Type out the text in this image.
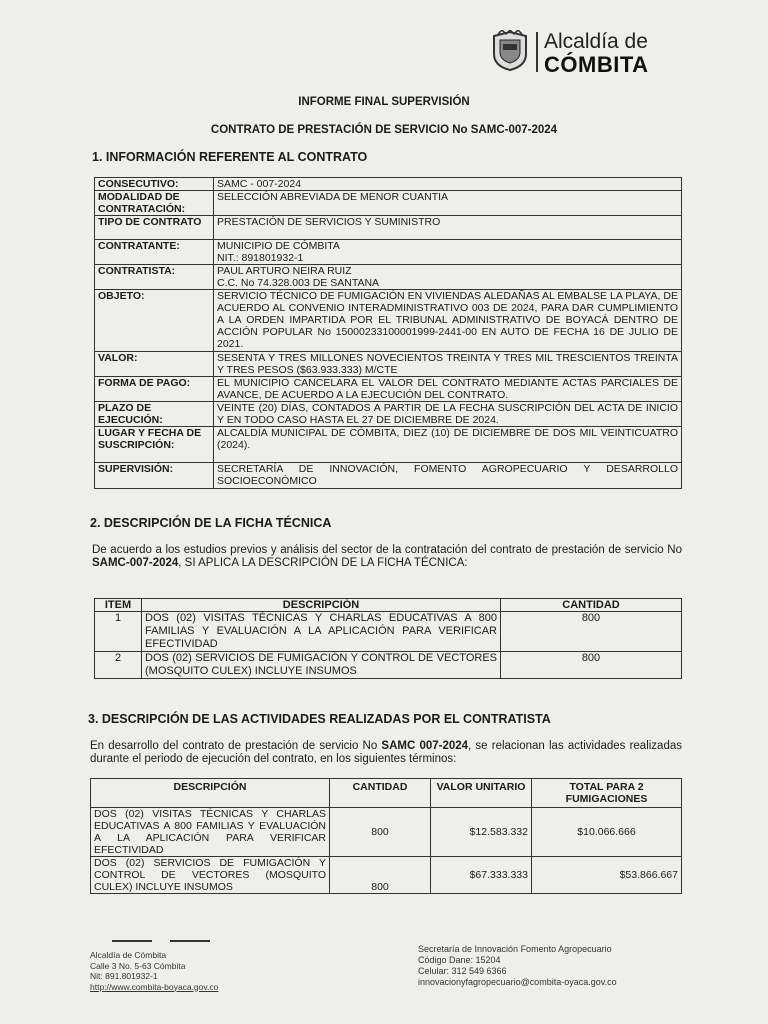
Alcaldía de
CÓMBITA
INFORME FINAL SUPERVISIÓN
CONTRATO DE PRESTACIÓN DE SERVICIO No SAMC-007-2024
1. INFORMACIÓN REFERENTE AL CONTRATO
CONSECUTIVO:	SAMC - 007-2024
MODALIDAD DE CONTRATACIÓN:	SELECCIÓN ABREVIADA DE MENOR CUANTIA
TIPO DE CONTRATO	PRESTACIÓN DE SERVICIOS Y SUMINISTRO
CONTRATANTE:	MUNICIPIO DE CÓMBITA
NIT.: 891801932-1
CONTRATISTA:	PAUL ARTURO NEIRA RUIZ
C.C. No 74.328.003 DE SANTANA
OBJETO:	SERVICIO TÉCNICO DE FUMIGACIÓN EN VIVIENDAS ALEDAÑAS AL EMBALSE LA PLAYA, DE ACUERDO AL CONVENIO INTERADMINISTRATIVO 003 DE 2024, PARA DAR CUMPLIMIENTO A LA ORDEN IMPARTIDA POR EL TRIBUNAL ADMINISTRATIVO DE BOYACÁ DENTRO DE ACCIÓN POPULAR No 15000233100001999-2441-00 EN AUTO DE FECHA 16 DE JULIO DE 2021.
VALOR:	SESENTA Y TRES MILLONES NOVECIENTOS TREINTA Y TRES MIL TRESCIENTOS TREINTA Y TRES PESOS ($63.933.333) M/CTE
FORMA DE PAGO:	EL MUNICIPIO CANCELARA EL VALOR DEL CONTRATO MEDIANTE ACTAS PARCIALES DE AVANCE, DE ACUERDO A LA EJECUCIÓN DEL CONTRATO.
PLAZO DE EJECUCIÓN:	VEINTE (20) DÍAS, CONTADOS A PARTIR DE LA FECHA SUSCRIPCIÓN DEL ACTA DE INICIO Y EN TODO CASO HASTA EL 27 DE DICIEMBRE DE 2024.
LUGAR Y FECHA DE SUSCRIPCIÓN:	ALCALDÍA MUNICIPAL DE CÓMBITA, DIEZ (10) DE DICIEMBRE DE DOS MIL VEINTICUATRO (2024).
SUPERVISIÓN:	SECRETARÍA DE INNOVACIÓN, FOMENTO AGROPECUARIO Y DESARROLLO SOCIOECONÓMICO
2. DESCRIPCIÓN DE LA FICHA TÉCNICA
De acuerdo a los estudios previos y análisis del sector de la contratación del contrato de prestación de servicio No SAMC-007-2024, SI APLICA LA DESCRIPCIÓN DE LA FICHA TÉCNICA:
ITEM	DESCRIPCIÓN	CANTIDAD
1	DOS (02) VISITAS TÉCNICAS Y CHARLAS EDUCATIVAS A 800 FAMILIAS Y EVALUACIÓN A LA APLICACIÓN PARA VERIFICAR EFECTIVIDAD	800
2	DOS (02) SERVICIOS DE FUMIGACIÓN Y CONTROL DE VECTORES (MOSQUITO CULEX) INCLUYE INSUMOS	800
3. DESCRIPCIÓN DE LAS ACTIVIDADES REALIZADAS POR EL CONTRATISTA
En desarrollo del contrato de prestación de servicio No SAMC 007-2024, se relacionan las actividades realizadas durante el periodo de ejecución del contrato, en los siguientes términos:
DESCRIPCIÓN	CANTIDAD	VALOR UNITARIO	TOTAL PARA 2 FUMIGACIONES
DOS (02) VISITAS TÉCNICAS Y CHARLAS EDUCATIVAS A 800 FAMILIAS Y EVALUACIÓN A LA APLICACIÓN PARA VERIFICAR EFECTIVIDAD	800	$12.583.332	$10.066.666
DOS (02) SERVICIOS DE FUMIGACIÓN Y CONTROL DE VECTORES (MOSQUITO CULEX) INCLUYE INSUMOS	800	$67.333.333	$53.866.667
Alcaldía de Cómbita
Calle 3 No. 5-63 Cómbita
Nit: 891.801932-1
http://www.combita-boyaca.gov.co
Secretaría de Innovación Fomento Agropecuario
Código Dane: 15204
Celular: 312 549 6366
innovacionyfagropecuario@combita-oyaca.gov.co
